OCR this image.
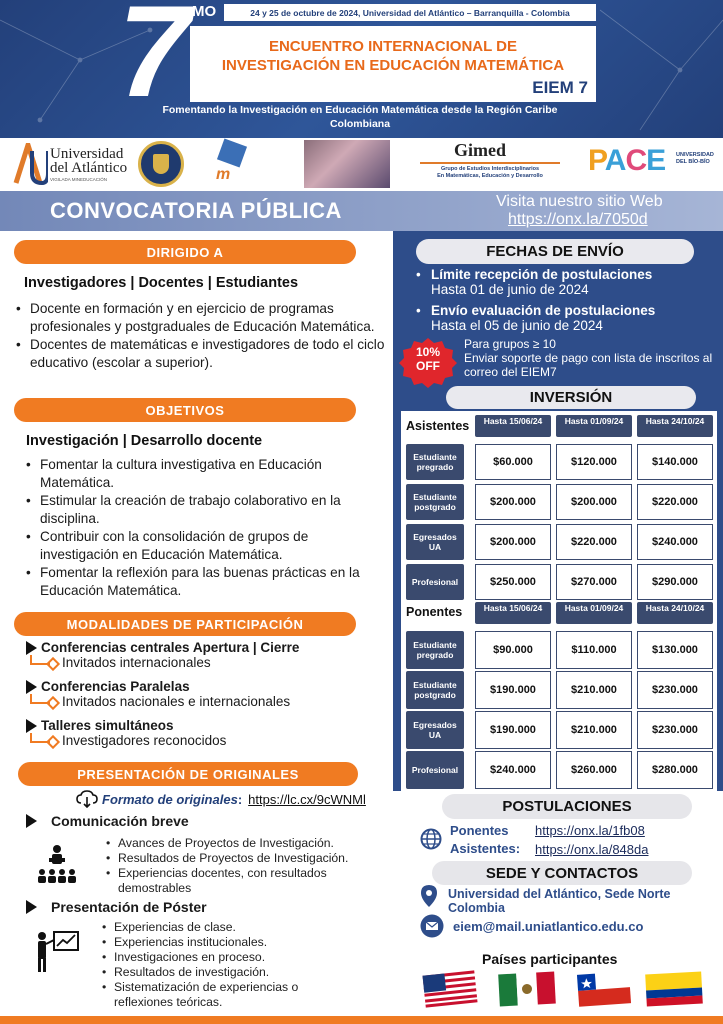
7 MO	24 y 25 de octubre de 2024, Universidad del Atlántico – Barranquilla - Colombia
ENCUENTRO INTERNACIONAL DE
INVESTIGACIÓN EN EDUCACIÓN MATEMÁTICA
EIEM 7
Fomentando la Investigación en Educación Matemática desde la Región Caribe Colombiana
Universidad
del Atlántico
VIGILADA MINEDUCACIÓN	m
Gimed
Grupo de Estudios Interdisciplinarios
En Matemáticas, Educación y Desarrollo	PACE UNIVERSIDAD DEL BÍO-BÍO
CONVOCATORIA PÚBLICA	Visita nuestro sitio Web
https://onx.la/7050d
DIRIGIDO A
Investigadores | Docentes | Estudiantes
• Docente en formación y en ejercicio de programas profesionales y postgraduales de Educación Matemática.
• Docentes de matemáticas e investigadores de todo el ciclo educativo (escolar a superior).
OBJETIVOS
Investigación | Desarrollo docente
• Fomentar la cultura investigativa en Educación Matemática.
• Estimular la creación de trabajo colaborativo en la disciplina.
• Contribuir con la consolidación de grupos de investigación en Educación Matemática.
• Fomentar la reflexión para las buenas prácticas en la Educación Matemática.
MODALIDADES DE PARTICIPACIÓN
Conferencias centrales Apertura | Cierre
Invitados internacionales
Conferencias Paralelas
Invitados nacionales e internacionales
Talleres simultáneos
Investigadores reconocidos
PRESENTACIÓN DE ORIGINALES
Formato de originales : https://lc.cx/9cWNMl
Comunicación breve
• Avances de Proyectos de Investigación.
• Resultados de Proyectos de Investigación.
• Experiencias docentes, con resultados demostrables
Presentación de Póster
• Experiencias de clase.
• Experiencias institucionales.
• Investigaciones en proceso.
• Resultados de investigación.
• Sistematización de experiencias o reflexiones teóricas.
FECHAS DE ENVÍO
• Límite recepción de postulaciones
Hasta 01 de junio de 2024
• Envío evaluación de postulaciones
Hasta el 05 de junio de 2024
10%
OFF
Para grupos ≥ 10
Enviar soporte de pago con lista de inscritos al correo del EIEM7
INVERSIÓN
Asistentes	Hasta 15/06/24	Hasta 01/09/24	Hasta 24/10/24
Estudiante pregrado	$60.000	$120.000	$140.000
Estudiante postgrado	$200.000	$200.000	$220.000
Egresados UA	$200.000	$220.000	$240.000
Profesional	$250.000	$270.000	$290.000
Ponentes	Hasta 15/06/24	Hasta 01/09/24	Hasta 24/10/24
Estudiante pregrado	$90.000	$110.000	$130.000
Estudiante postgrado	$190.000	$210.000	$230.000
Egresados UA	$190.000	$210.000	$230.000
Profesional	$240.000	$260.000	$280.000
POSTULACIONES
Ponentes https://onx.la/1fb08
Asistentes: https://onx.la/848da
SEDE Y CONTACTOS
Universidad del Atlántico, Sede Norte
Colombia
eiem@mail.uniatlantico.edu.co
Países participantes
